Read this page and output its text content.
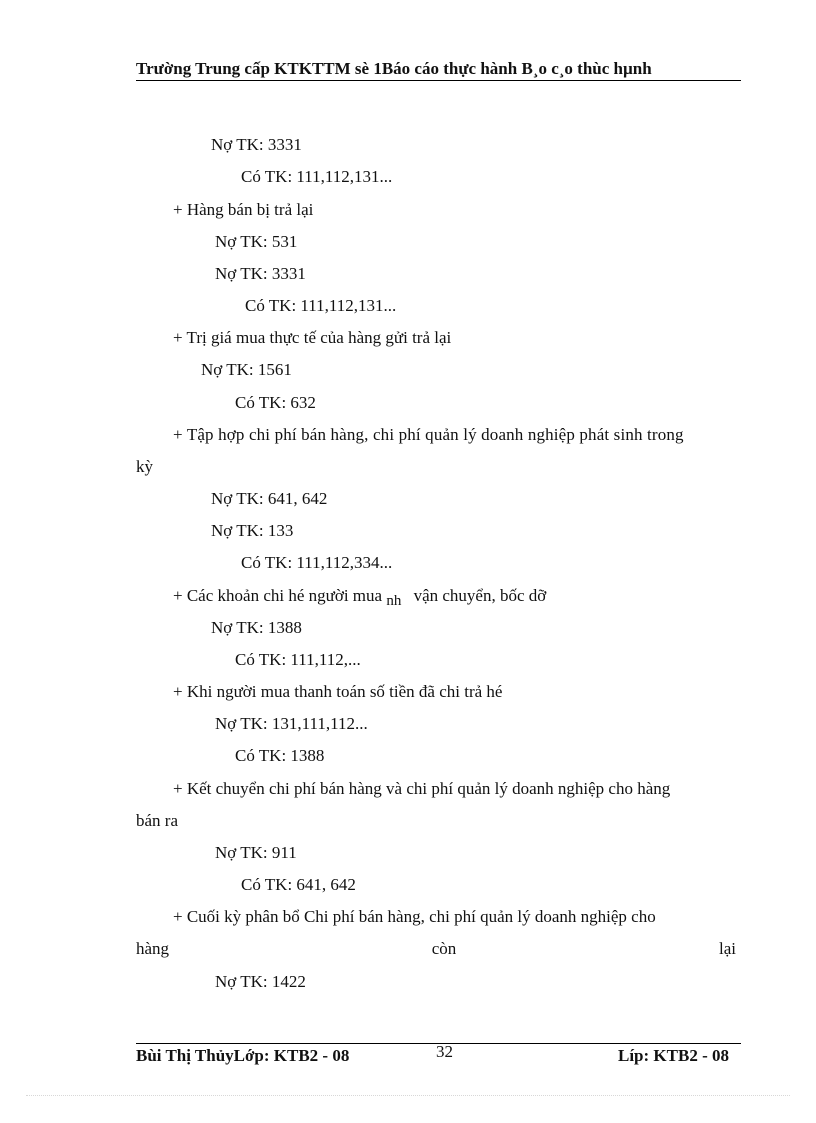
Trường Trung cấp KTKTTM sè 1Báo cáo thực hành B¸o c¸o thùc hµnh
Nợ TK: 3331
Có TK: 111,112,131...
+ Hàng bán bị trả lại
Nợ TK: 531
Nợ TK: 3331
Có TK: 111,112,131...
+ Trị giá mua thực tế của hàng gửi trả lại
Nợ TK: 1561
Có TK: 632
+ Tập hợp chi phí bán hàng, chi phí quản lý doanh nghiệp phát sinh trong
kỳ
Nợ TK: 641, 642
Nợ TK: 133
Có TK: 111,112,334...
+ Các khoản chi hé người mua nh vận chuyển, bốc dỡ
Nợ TK: 1388
Có TK: 111,112,...
+ Khi người mua thanh toán số tiền đã chi trả hé
Nợ TK: 131,111,112...
Có TK: 1388
+ Kết chuyển chi phí bán hàng và chi phí quản lý doanh nghiệp cho hàng
bán ra
Nợ TK: 911
Có TK: 641, 642
+ Cuối kỳ phân bổ Chi phí bán hàng, chi phí quản lý doanh nghiệp cho
hàng	còn	lại
Nợ TK: 1422
Bùi Thị ThủyLớp: KTB2 - 08	32	Líp: KTB2 - 08
